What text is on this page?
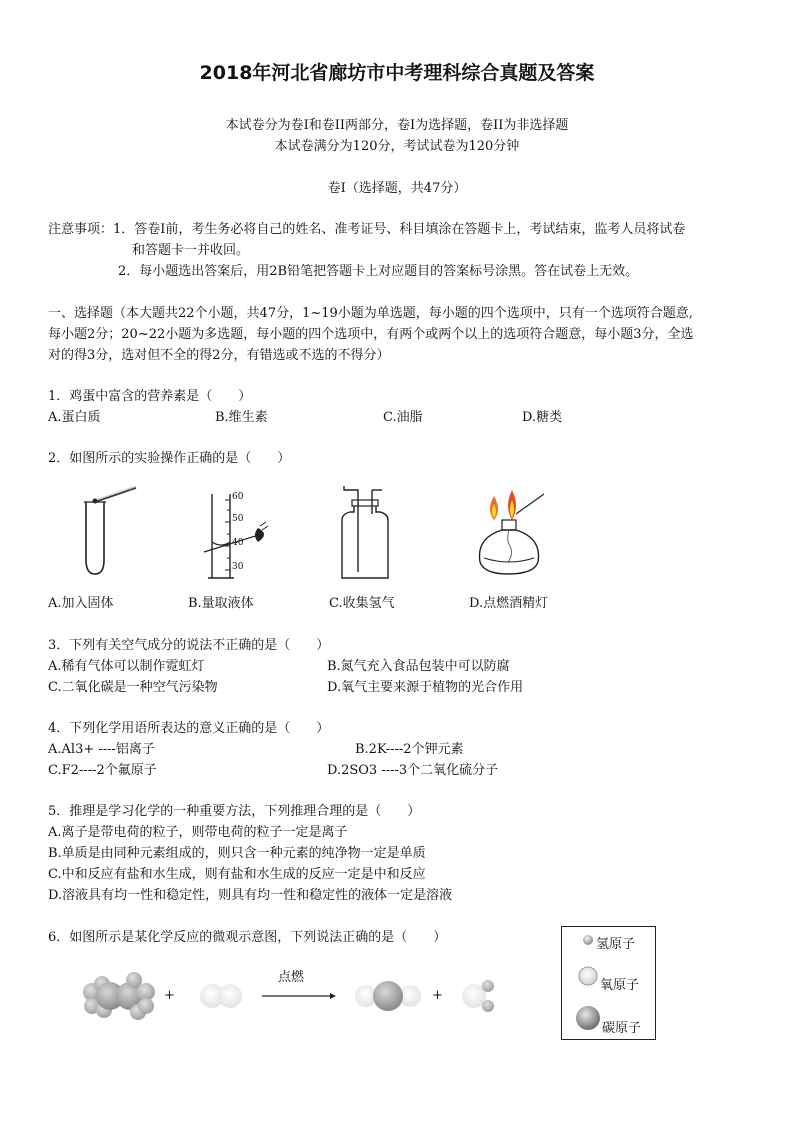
2018年河北省廊坊市中考理科综合真题及答案
本试卷分为卷Ⅰ和卷II两部分，卷Ⅰ为选择题，卷II为非选择题
本试卷满分为120分，考试试卷为120分钟
卷Ⅰ（选择题，共47分）
注意事项：1．答卷Ⅰ前，考生务必将自己的姓名、准考证号、科目填涂在答题卡上，考试结束，监考人员将试卷
和答题卡一并收回。
2．每小题选出答案后，用2B铅笔把答题卡上对应题目的答案标号涂黑。答在试卷上无效。
一、选择题（本大题共22个小题，共47分，1~19小题为单选题，每小题的四个选项中，只有一个选项符合题意,
每小题2分；20~22小题为多选题，每小题的四个选项中，有两个或两个以上的选项符合题意，每小题3分，全选
对的得3分，选对但不全的得2分，有错选或不选的不得分）
1．鸡蛋中富含的营养素是（　　）
A.蛋白质	B.维生素	C.油脂	D.糖类
2．如图所示的实验操作正确的是（　　）
60
50
40
30
A.加入固体	B.量取液体	C.收集氢气	D.点燃酒精灯
3．下列有关空气成分的说法不正确的是（　　）
A.稀有气体可以制作霓虹灯	B.氮气充入食品包装中可以防腐
C.二氧化碳是一种空气污染物	D.氧气主要来源于植物的光合作用
4．下列化学用语所表达的意义正确的是（　　）
A.Al3+ ----铝离子	B.2K----2个钾元素
C.F2----2个氟原子	D.2SO3 ----3个二氧化硫分子
5．推理是学习化学的一种重要方法，下列推理合理的是（　　）
A.离子是带电荷的粒子，则带电荷的粒子一定是离子
B.单质是由同种元素组成的，则只含一种元素的纯净物一定是单质
C.中和反应有盐和水生成，则有盐和水生成的反应一定是中和反应
D.溶液具有均一性和稳定性，则具有均一性和稳定性的液体一定是溶液
6．如图所示是某化学反应的微观示意图，下列说法正确的是（　　）
+	+
点燃
氢原子
氧原子
碳原子
